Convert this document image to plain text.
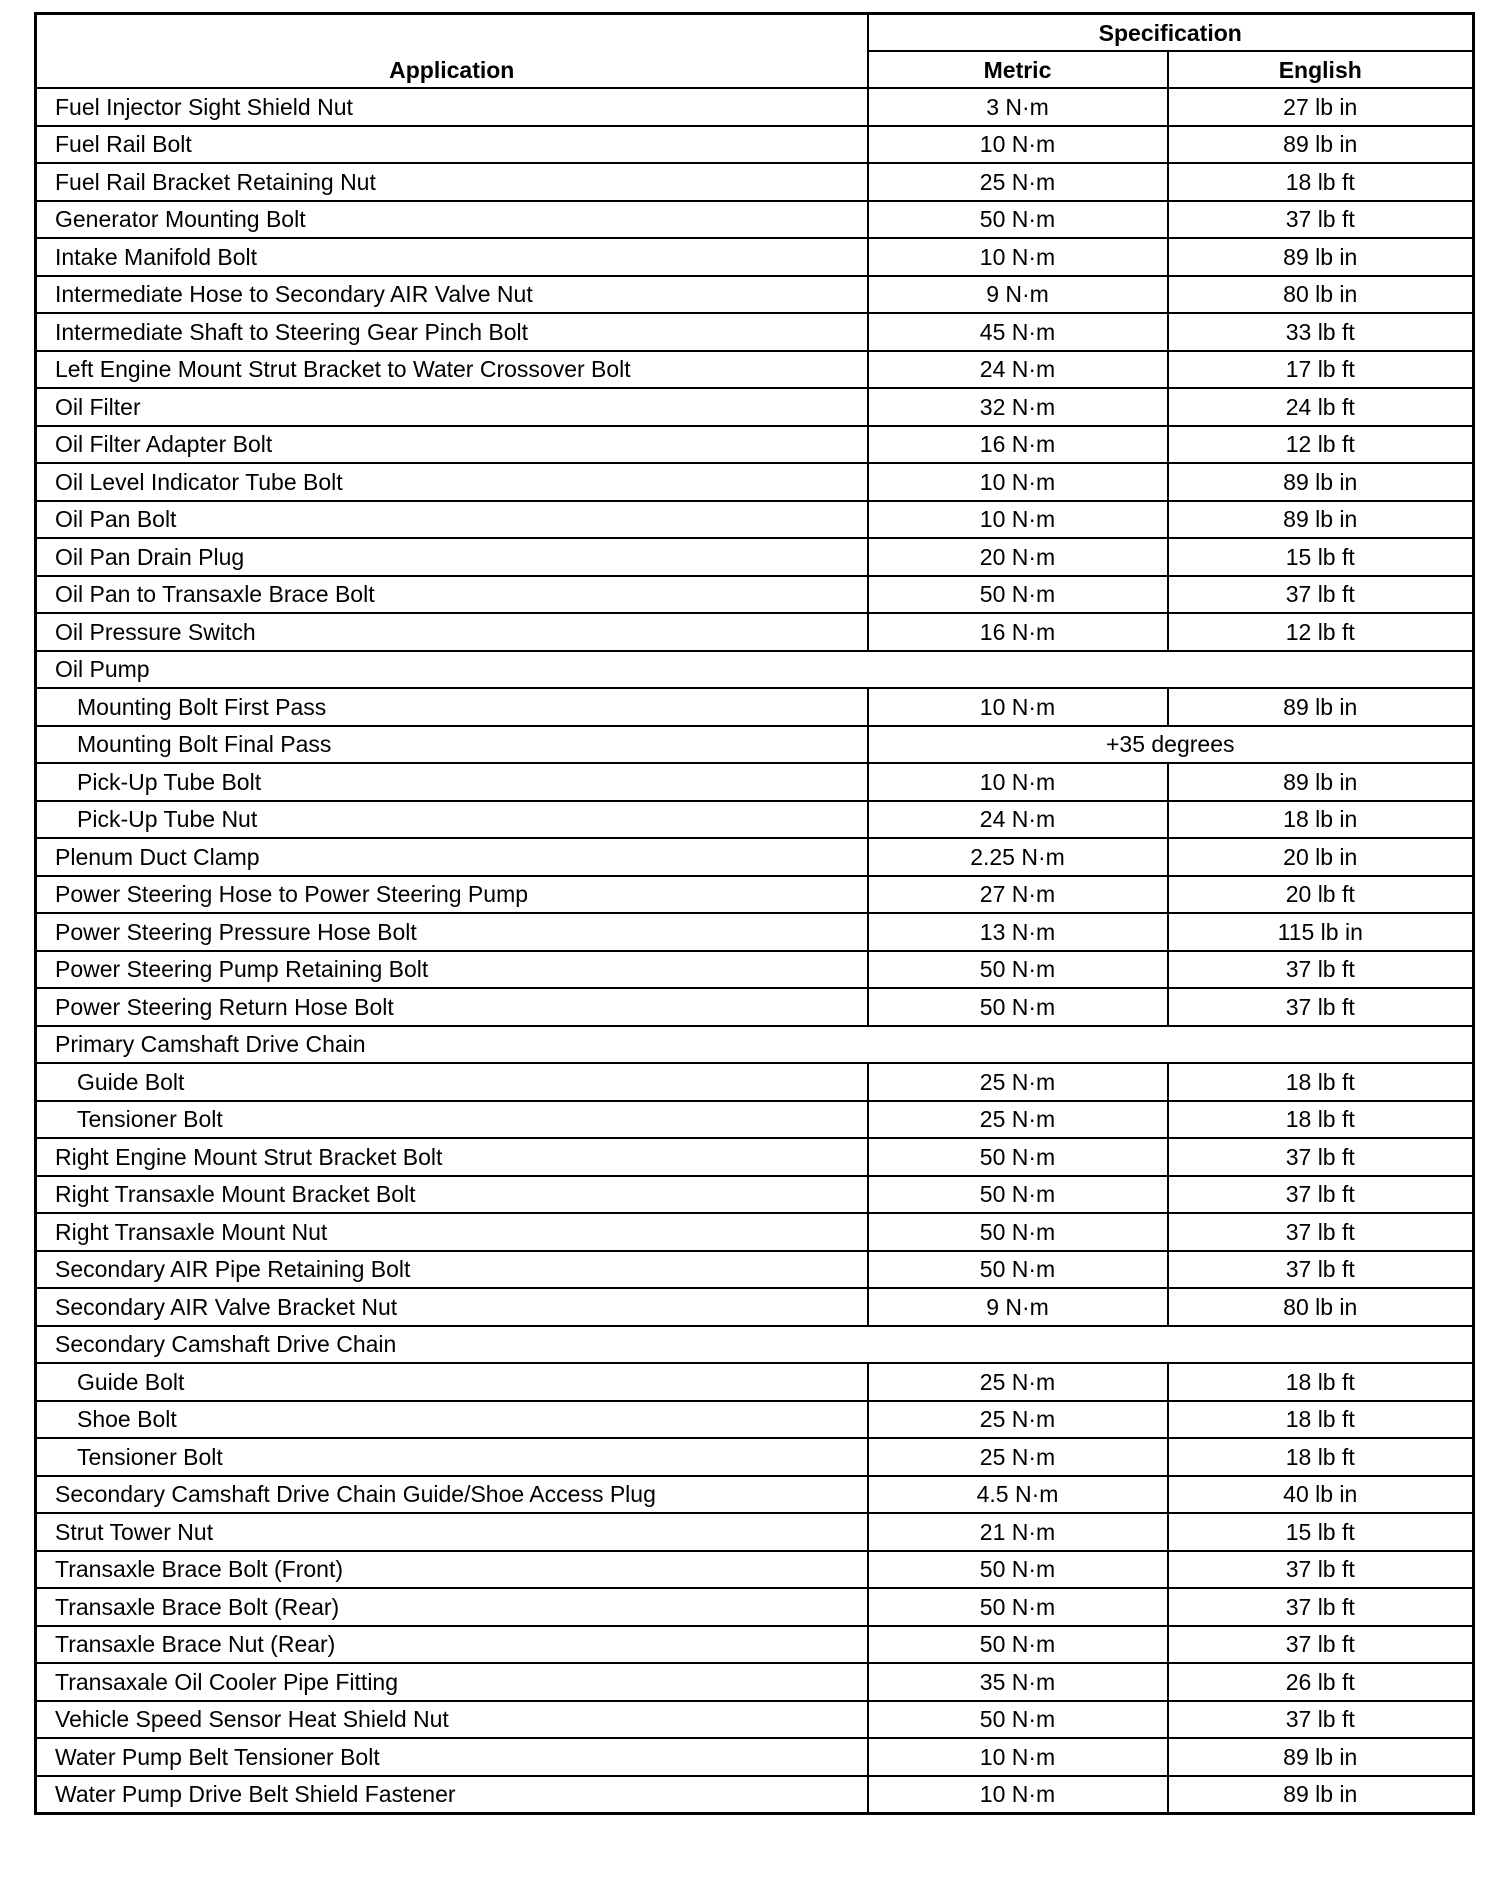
Application	Specification	
	Metric	English
Fuel Injector Sight Shield Nut	3 N·m	27 lb in
Fuel Rail Bolt	10 N·m	89 lb in
Fuel Rail Bracket Retaining Nut	25 N·m	18 lb ft
Generator Mounting Bolt	50 N·m	37 lb ft
Intake Manifold Bolt	10 N·m	89 lb in
Intermediate Hose to Secondary AIR Valve Nut	9 N·m	80 lb in
Intermediate Shaft to Steering Gear Pinch Bolt	45 N·m	33 lb ft
Left Engine Mount Strut Bracket to Water Crossover Bolt	24 N·m	17 lb ft
Oil Filter	32 N·m	24 lb ft
Oil Filter Adapter Bolt	16 N·m	12 lb ft
Oil Level Indicator Tube Bolt	10 N·m	89 lb in
Oil Pan Bolt	10 N·m	89 lb in
Oil Pan Drain Plug	20 N·m	15 lb ft
Oil Pan to Transaxle Brace Bolt	50 N·m	37 lb ft
Oil Pressure Switch	16 N·m	12 lb ft
Oil Pump		
Mounting Bolt First Pass	10 N·m	89 lb in
Mounting Bolt Final Pass	+35 degrees	
Pick-Up Tube Bolt	10 N·m	89 lb in
Pick-Up Tube Nut	24 N·m	18 lb in
Plenum Duct Clamp	2.25 N·m	20 lb in
Power Steering Hose to Power Steering Pump	27 N·m	20 lb ft
Power Steering Pressure Hose Bolt	13 N·m	115 lb in
Power Steering Pump Retaining Bolt	50 N·m	37 lb ft
Power Steering Return Hose Bolt	50 N·m	37 lb ft
Primary Camshaft Drive Chain		
Guide Bolt	25 N·m	18 lb ft
Tensioner Bolt	25 N·m	18 lb ft
Right Engine Mount Strut Bracket Bolt	50 N·m	37 lb ft
Right Transaxle Mount Bracket Bolt	50 N·m	37 lb ft
Right Transaxle Mount Nut	50 N·m	37 lb ft
Secondary AIR Pipe Retaining Bolt	50 N·m	37 lb ft
Secondary AIR Valve Bracket Nut	9 N·m	80 lb in
Secondary Camshaft Drive Chain		
Guide Bolt	25 N·m	18 lb ft
Shoe Bolt	25 N·m	18 lb ft
Tensioner Bolt	25 N·m	18 lb ft
Secondary Camshaft Drive Chain Guide/Shoe Access Plug	4.5 N·m	40 lb in
Strut Tower Nut	21 N·m	15 lb ft
Transaxle Brace Bolt (Front)	50 N·m	37 lb ft
Transaxle Brace Bolt (Rear)	50 N·m	37 lb ft
Transaxle Brace Nut (Rear)	50 N·m	37 lb ft
Transaxale Oil Cooler Pipe Fitting	35 N·m	26 lb ft
Vehicle Speed Sensor Heat Shield Nut	50 N·m	37 lb ft
Water Pump Belt Tensioner Bolt	10 N·m	89 lb in
Water Pump Drive Belt Shield Fastener	10 N·m	89 lb in
